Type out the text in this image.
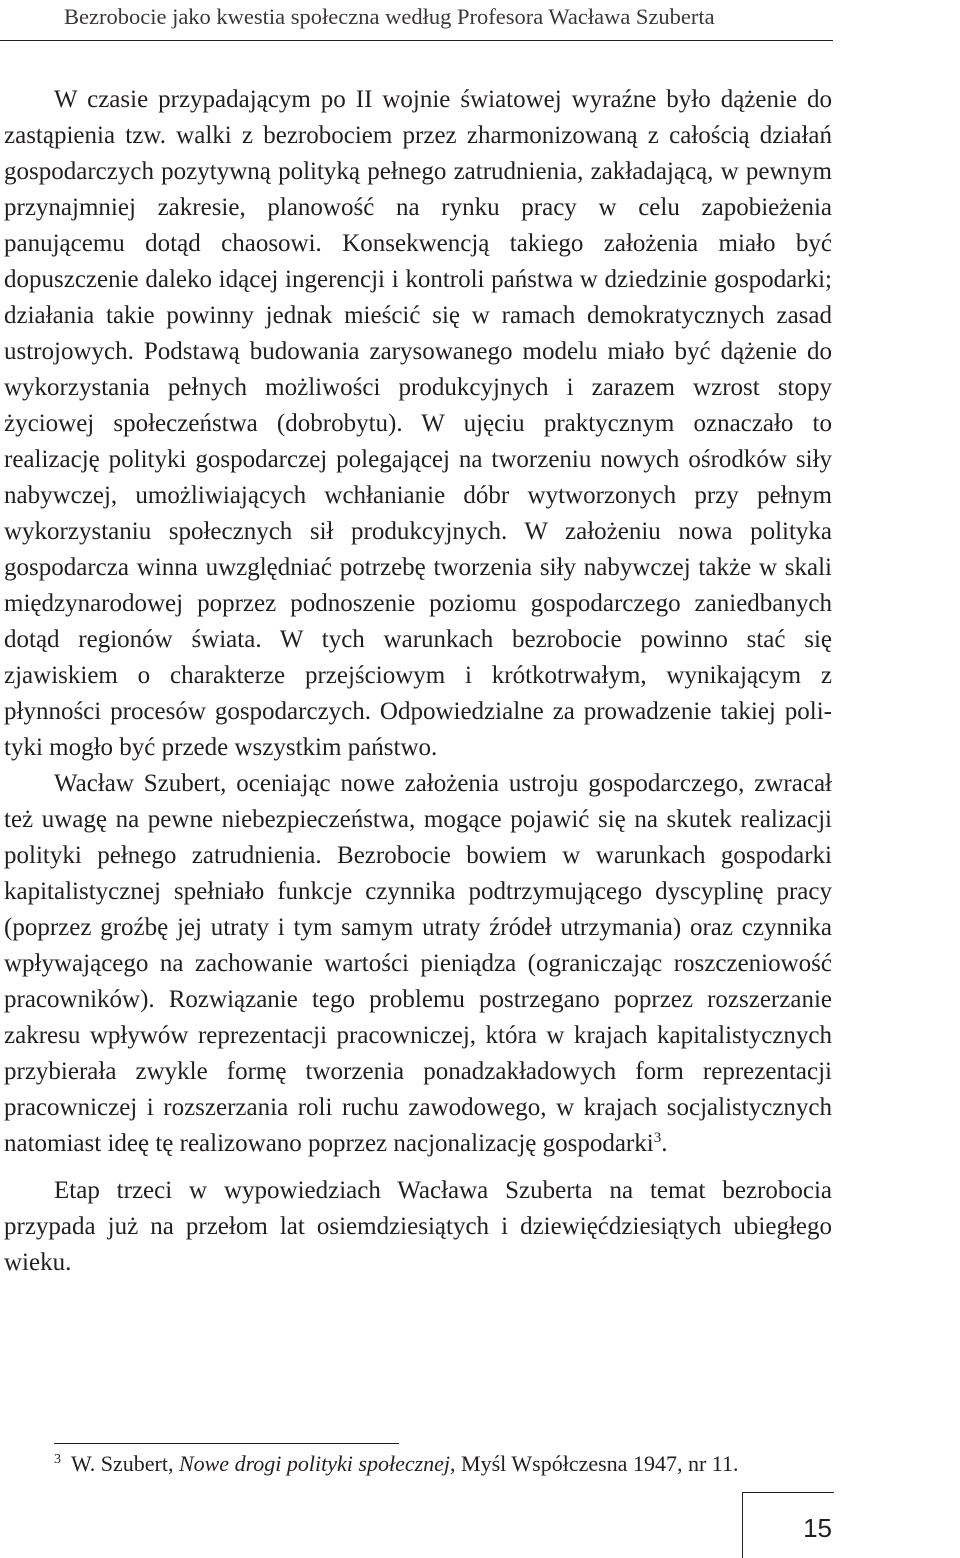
Bezrobocie jako kwestia społeczna według Profesora Wacława Szuberta

W czasie przypadającym po II wojnie światowej wyraźne było dążenie do zastąpienia tzw. walki z bezrobociem przez zharmonizowaną z całością działań gospodarczych pozytywną polityką pełnego zatrudnienia, zakładającą, w pewnym przynajmniej zakresie, planowość na rynku pracy w celu zapobieżenia panującemu dotąd chaosowi. Konsekwencją takiego założenia miało być dopuszczenie daleko idącej ingerencji i kontroli państwa w dziedzinie gospodarki; działania takie powinny jednak mieścić się w ramach demokratycznych zasad ustrojowych. Podstawą budowania zarysowanego modelu miało być dążenie do wykorzystania pełnych możliwości produkcyjnych i zarazem wzrost stopy życiowej społeczeństwa (dobrobytu). W ujęciu praktycznym oznaczało to realizację polityki gospodarczej polegającej na tworzeniu nowych ośrodków siły nabywczej, umożliwiających wchłanianie dóbr wytworzonych przy pełnym wykorzystaniu społecznych sił produkcyjnych. W założeniu nowa polityka gospodarcza winna uwzględniać potrzebę tworzenia siły nabywczej także w skali międzynarodowej poprzez podnoszenie poziomu gospodarczego zaniedbanych dotąd regionów świata. W tych warunkach bezrobocie powinno stać się zjawiskiem o charakterze przejściowym i krótkotrwałym, wynikającym z płynności procesów gospodarczych. Odpowiedzialne za prowadzenie takiej polityki mogło być przede wszystkim państwo.

Wacław Szubert, oceniając nowe założenia ustroju gospodarczego, zwracał też uwagę na pewne niebezpieczeństwa, mogące pojawić się na skutek realizacji polityki pełnego zatrudnienia. Bezrobocie bowiem w warunkach gospodarki kapitalistycznej spełniało funkcje czynnika podtrzymującego dyscyplinę pracy (poprzez groźbę jej utraty i tym samym utraty źródeł utrzymania) oraz czynnika wpływającego na zachowanie wartości pieniądza (ograniczając roszczeniowość pracowników). Rozwiązanie tego problemu postrzegano poprzez rozszerzanie zakresu wpływów reprezentacji pracowniczej, która w krajach kapitalistycznych przybierała zwykle formę tworzenia ponadzakładowych form reprezentacji pracowniczej i rozszerzania roli ruchu zawodowego, w krajach socjalistycznych natomiast ideę tę realizowano poprzez nacjonalizację gospodarki$^3$.

Etap trzeci w wypowiedziach Wacława Szuberta na temat bezrobocia przypada już na przełom lat osiemdziesiątych i dziewięćdziesiątych ubiegłego wieku.

$^3$ W. Szubert, Nowe drogi polityki społecznej, Myśl Współczesna 1947, nr 11.
15
